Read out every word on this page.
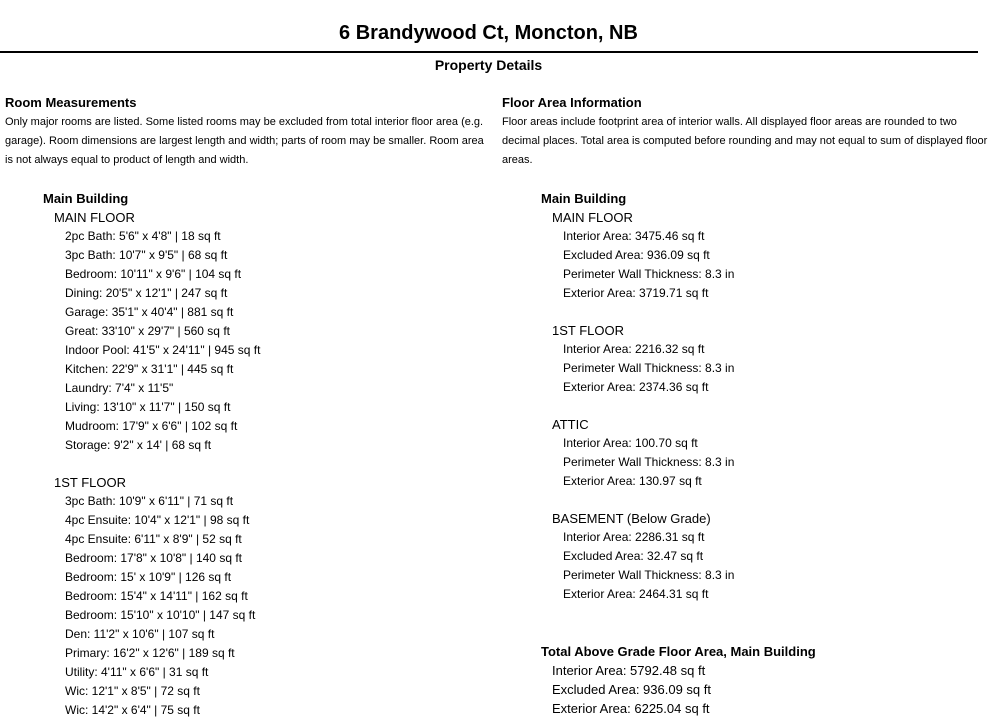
6 Brandywood Ct, Moncton, NB
Property Details
Room Measurements
Only major rooms are listed. Some listed rooms may be excluded from total interior floor area (e.g. garage). Room dimensions are largest length and width; parts of room may be smaller. Room area is not always equal to product of length and width.
Main Building
MAIN FLOOR
2pc Bath: 5'6" x 4'8" | 18 sq ft
3pc Bath: 10'7" x 9'5" | 68 sq ft
Bedroom: 10'11" x 9'6" | 104 sq ft
Dining: 20'5" x 12'1" | 247 sq ft
Garage: 35'1" x 40'4" | 881 sq ft
Great: 33'10" x 29'7" | 560 sq ft
Indoor Pool: 41'5" x 24'11" | 945 sq ft
Kitchen: 22'9" x 31'1" | 445 sq ft
Laundry: 7'4" x 11'5"
Living: 13'10" x 11'7" | 150 sq ft
Mudroom: 17'9" x 6'6" | 102 sq ft
Storage: 9'2" x 14' | 68 sq ft
1ST FLOOR
3pc Bath: 10'9" x 6'11" | 71 sq ft
4pc Ensuite: 10'4" x 12'1" | 98 sq ft
4pc Ensuite: 6'11" x 8'9" | 52 sq ft
Bedroom: 17'8" x 10'8" | 140 sq ft
Bedroom: 15' x 10'9" | 126 sq ft
Bedroom: 15'4" x 14'11" | 162 sq ft
Bedroom: 15'10" x 10'10" | 147 sq ft
Den: 11'2" x 10'6" | 107 sq ft
Primary: 16'2" x 12'6" | 189 sq ft
Utility: 4'11" x 6'6" | 31 sq ft
Wic: 12'1" x 8'5" | 72 sq ft
Wic: 14'2" x 6'4" | 75 sq ft
Floor Area Information
Floor areas include footprint area of interior walls. All displayed floor areas are rounded to two decimal places. Total area is computed before rounding and may not equal to sum of displayed floor areas.
Main Building
MAIN FLOOR
Interior Area: 3475.46 sq ft
Excluded Area: 936.09 sq ft
Perimeter Wall Thickness: 8.3 in
Exterior Area: 3719.71 sq ft
1ST FLOOR
Interior Area: 2216.32 sq ft
Perimeter Wall Thickness: 8.3 in
Exterior Area: 2374.36 sq ft
ATTIC
Interior Area: 100.70 sq ft
Perimeter Wall Thickness: 8.3 in
Exterior Area: 130.97 sq ft
BASEMENT (Below Grade)
Interior Area: 2286.31 sq ft
Excluded Area: 32.47 sq ft
Perimeter Wall Thickness: 8.3 in
Exterior Area: 2464.31 sq ft
Total Above Grade Floor Area, Main Building
Interior Area: 5792.48 sq ft
Excluded Area: 936.09 sq ft
Exterior Area: 6225.04 sq ft
